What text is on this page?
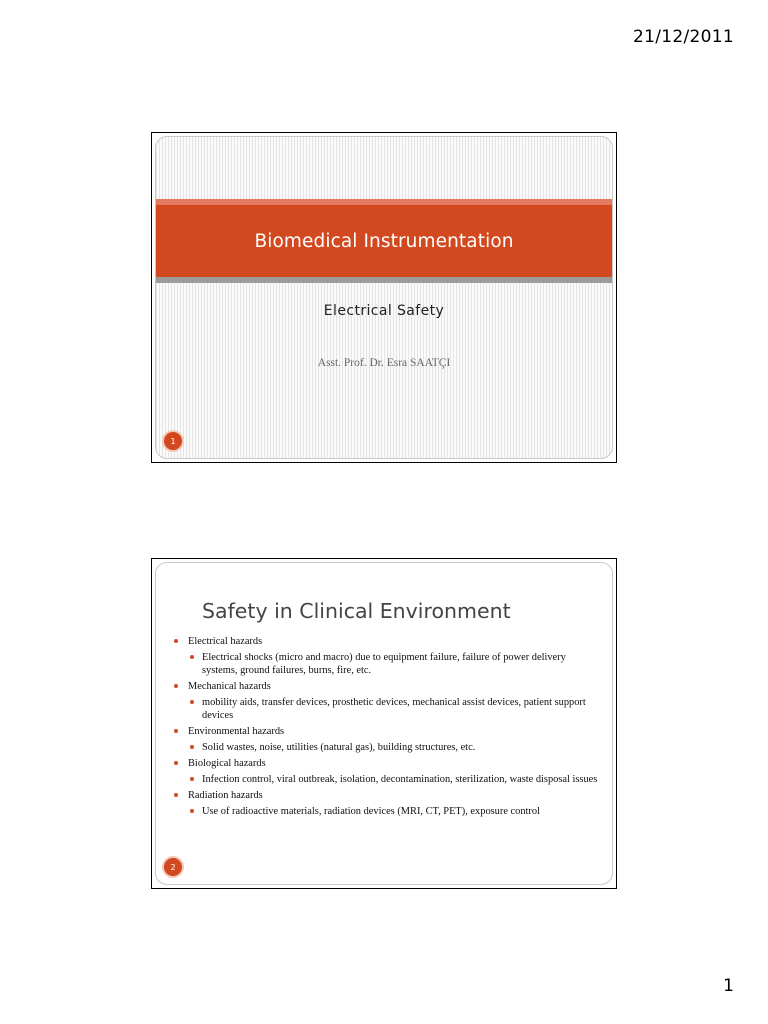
21/12/2011
Biomedical Instrumentation
Electrical Safety
Asst. Prof. Dr. Esra SAATÇI
1
Safety in Clinical Environment
Electrical hazards
Electrical shocks (micro and macro) due to equipment failure, failure of power delivery systems, ground failures, burns, fire, etc.
Mechanical hazards
mobility aids, transfer devices, prosthetic devices, mechanical assist devices, patient support devices
Environmental hazards
Solid wastes, noise, utilities (natural gas), building structures, etc.
Biological hazards
Infection control, viral outbreak, isolation, decontamination, sterilization, waste disposal issues
Radiation hazards
Use of radioactive materials, radiation devices (MRI, CT, PET), exposure control
2
1
